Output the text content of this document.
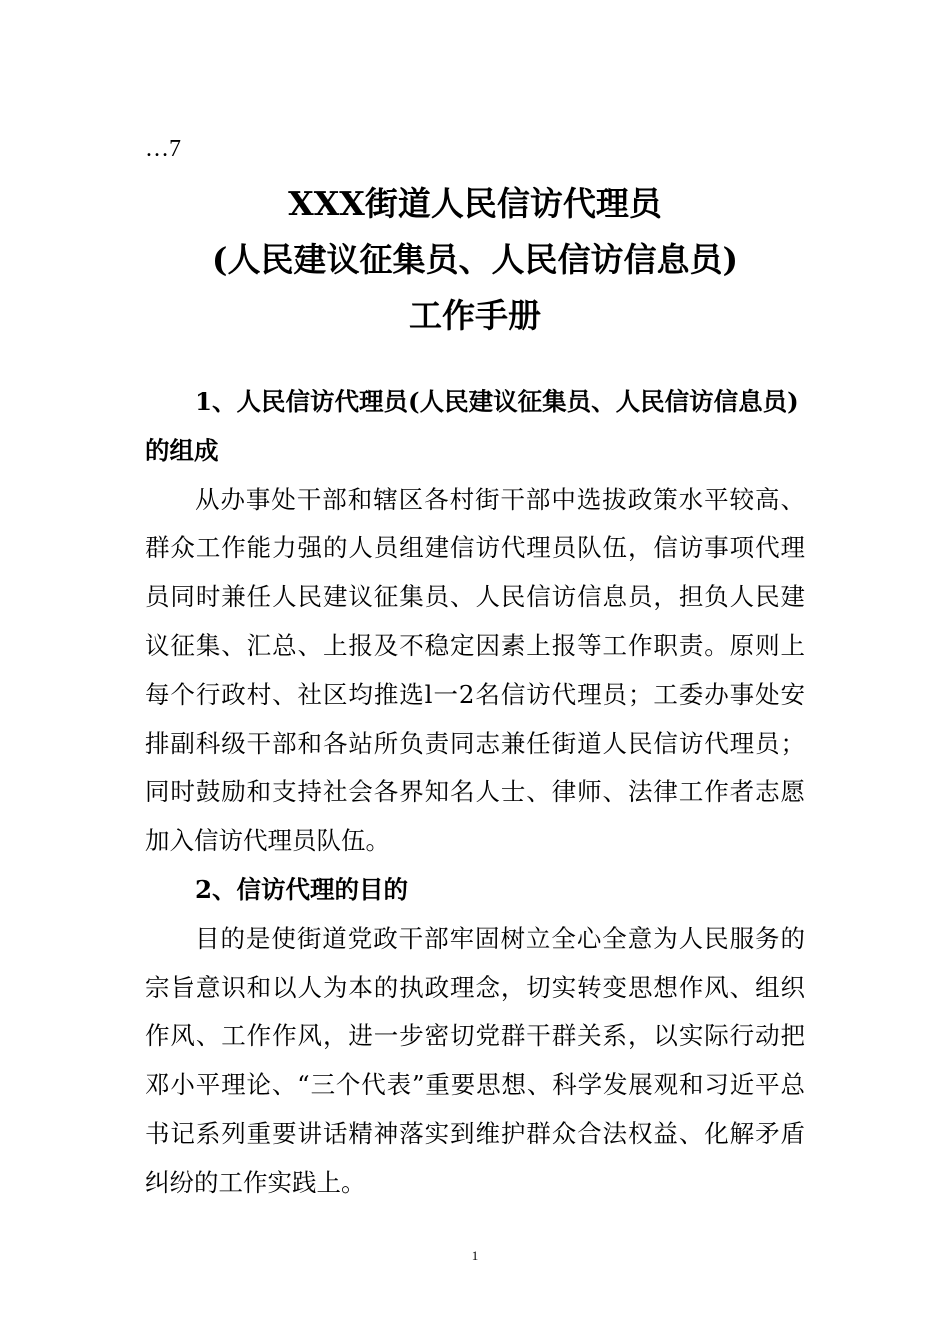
…7
XXX街道人民信访代理员
(人民建议征集员、人民信访信息员)
工作手册

1、人民信访代理员(人民建议征集员、人民信访信息员)的组成

从办事处干部和辖区各村街干部中选拔政策水平较高、群众工作能力强的人员组建信访代理员队伍，信访事项代理员同时兼任人民建议征集员、人民信访信息员，担负人民建议征集、汇总、上报及不稳定因素上报等工作职责。原则上每个行政村、社区均推选l一2名信访代理员；工委办事处安排副科级干部和各站所负责同志兼任街道人民信访代理员；同时鼓励和支持社会各界知名人士、律师、法律工作者志愿加入信访代理员队伍。

2、信访代理的目的

目的是使街道党政干部牢固树立全心全意为人民服务的宗旨意识和以人为本的执政理念，切实转变思想作风、组织作风、工作作风，进一步密切党群干群关系，以实际行动把邓小平理论、“三个代表”重要思想、科学发展观和习近平总书记系列重要讲话精神落实到维护群众合法权益、化解矛盾纠纷的工作实践上。

1
